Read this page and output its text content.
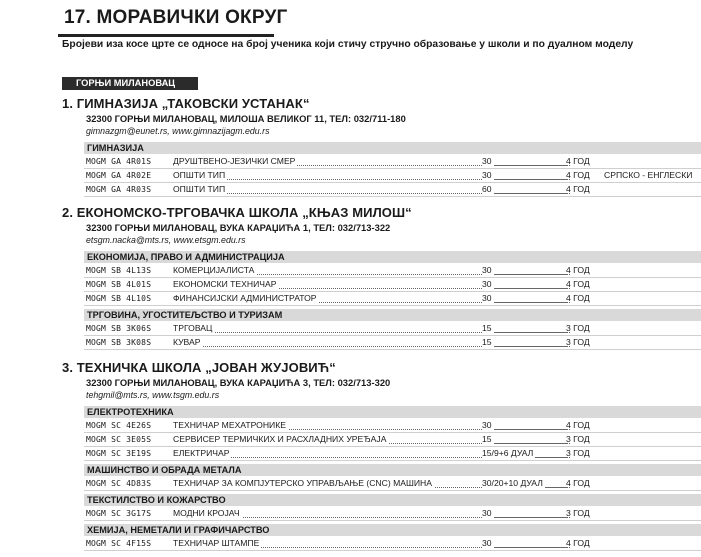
17. МОРАВИЧКИ ОКРУГ
Бројеви иза косе црте се односе на број ученика који стичу стручно образовање у школи и по дуалном моделу
ГОРЊИ МИЛАНОВАЦ
1. ГИМНАЗИЈА „ТАКОВСКИ УСТАНАК“
32300 ГОРЊИ МИЛАНОВАЦ, МИЛОША ВЕЛИКОГ 11, ТЕЛ: 032/711-180
gimnazgm@eunet.rs, www.gimnazijagm.edu.rs
ГИМНАЗИЈА
MOGM GA 4R01S	ДРУШТВЕНО-ЈЕЗИЧКИ СМЕР	30	4 ГОД
MOGM GA 4R02E	ОПШТИ ТИП	30	4 ГОД СРПСКО - ЕНГЛЕСКИ
MOGM GA 4R03S	ОПШТИ ТИП	60	4 ГОД
2. ЕКОНОМСКО-ТРГОВАЧКА ШКОЛА „КЊАЗ МИЛОШ“
32300 ГОРЊИ МИЛАНОВАЦ, ВУКА КАРАЏИЋА 1, ТЕЛ: 032/713-322
etsgm.nacka@mts.rs, www.etsgm.edu.rs
ЕКОНОМИЈА, ПРАВО И АДМИНИСТРАЦИЈА
MOGM SB 4L13S	КОМЕРЦИЈАЛИСТА	30	4 ГОД
MOGM SB 4L01S	ЕКОНОМСКИ ТЕХНИЧАР	30	4 ГОД
MOGM SB 4L10S	ФИНАНСИЈСКИ АДМИНИСТРАТОР	30	4 ГОД
ТРГОВИНА, УГОСТИТЕЉСТВО И ТУРИЗАМ
MOGM SB 3K06S	ТРГОВАЦ	15	3 ГОД
MOGM SB 3K08S	КУВАР	15	3 ГОД
3. ТЕХНИЧКА ШКОЛА „ЈОВАН ЖУЈОВИЋ“
32300 ГОРЊИ МИЛАНОВАЦ, ВУКА КАРАЏИЋА 3, ТЕЛ: 032/713-320
tehgmil@mts.rs, www.tsgm.edu.rs
ЕЛЕКТРОТЕХНИКА
MOGM SC 4E26S	ТЕХНИЧАР МЕХАТРОНИКЕ	30	4 ГОД
MOGM SC 3E05S	СЕРВИСЕР ТЕРМИЧКИХ И РАСХЛАДНИХ УРЕЂАЈА	15	3 ГОД
MOGM SC 3E19S	ЕЛЕКТРИЧАР	15/9+6 ДУАЛ	3 ГОД
МАШИНСТВО И ОБРАДА МЕТАЛА
MOGM SC 4D83S	ТЕХНИЧАР ЗА КОМПЈУТЕРСКО УПРАВЉАЊЕ (CNC) МАШИНА	30/20+10 ДУАЛ	4 ГОД
ТЕКСТИЛСТВО И КОЖАРСТВО
MOGM SC 3G17S	МОДНИ КРОЈАЧ	30	3 ГОД
ХЕМИЈА, НЕМЕТАЛИ И ГРАФИЧАРСТВО
MOGM SC 4F15S	ТЕХНИЧАР ШТАМПЕ	30	4 ГОД
